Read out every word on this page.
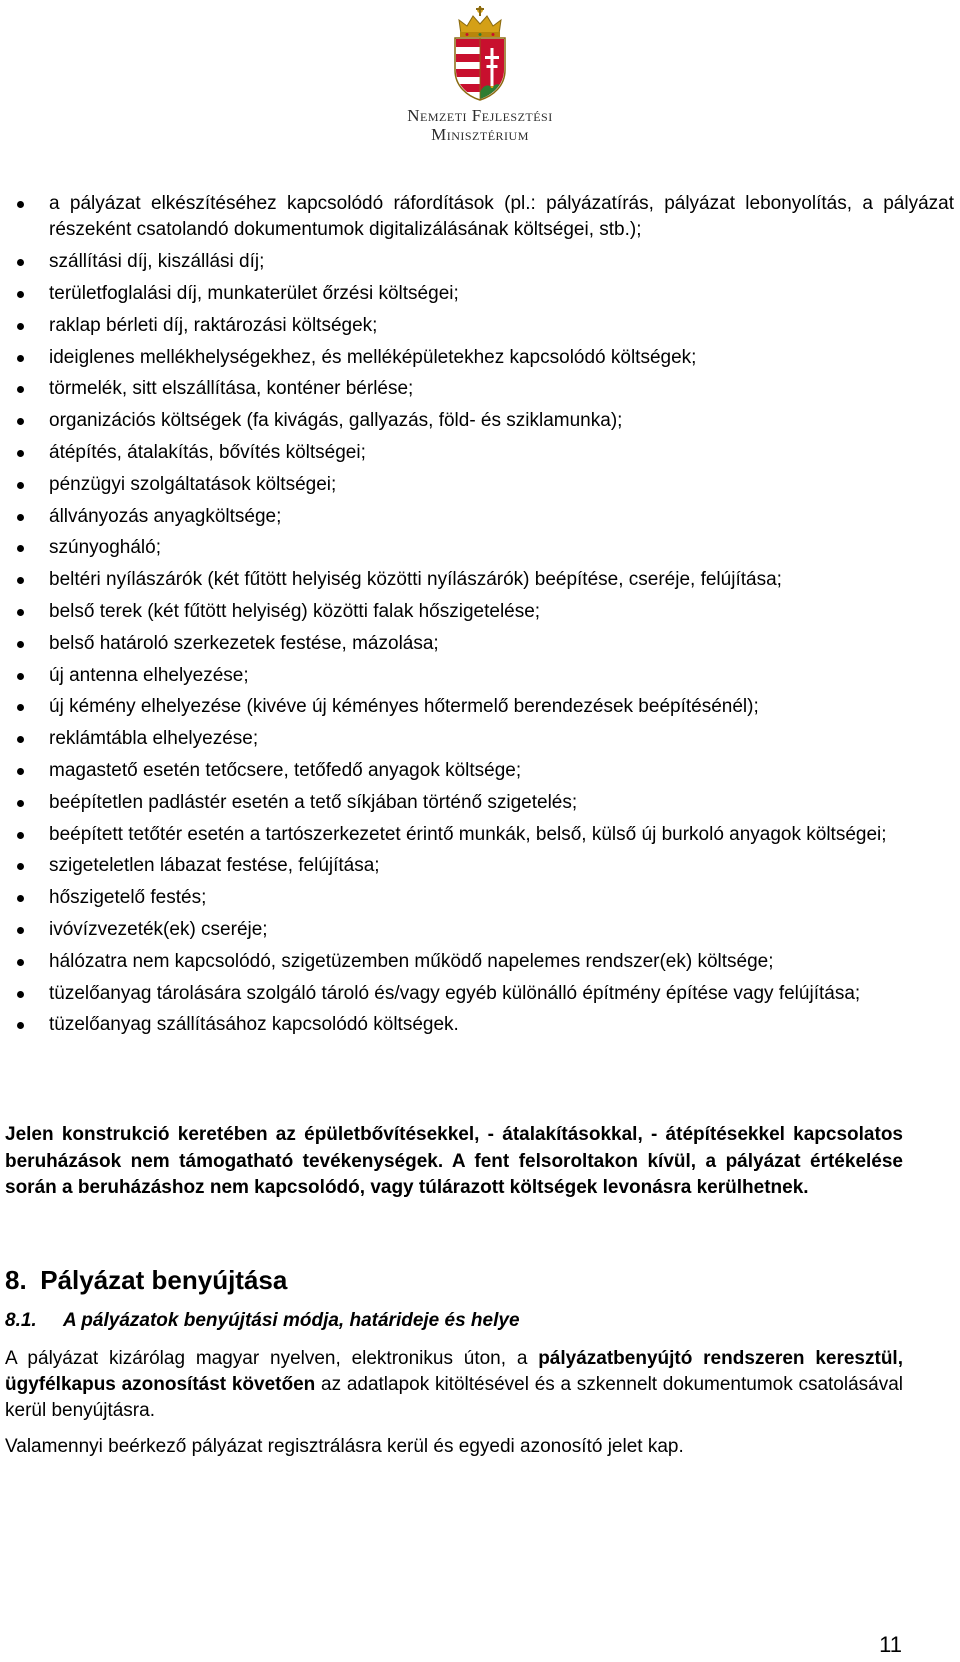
Nemzeti Fejlesztési
Minisztérium
a pályázat elkészítéséhez kapcsolódó ráfordítások (pl.: pályázatírás, pályázat lebonyolítás, a pályázat részeként csatolandó dokumentumok digitalizálásának költségei, stb.);
szállítási díj, kiszállási díj;
területfoglalási díj, munkaterület őrzési költségei;
raklap bérleti díj, raktározási költségek;
ideiglenes mellékhelységekhez, és melléképületekhez kapcsolódó költségek;
törmelék, sitt elszállítása, konténer bérlése;
organizációs költségek (fa kivágás, gallyazás, föld- és sziklamunka);
átépítés, átalakítás, bővítés költségei;
pénzügyi szolgáltatások költségei;
állványozás anyagköltsége;
szúnyogháló;
beltéri nyílászárók (két fűtött helyiség közötti nyílászárók) beépítése, cseréje, felújítása;
belső terek (két fűtött helyiség) közötti falak hőszigetelése;
belső határoló szerkezetek festése, mázolása;
új antenna elhelyezése;
új kémény elhelyezése (kivéve új kéményes hőtermelő berendezések beépítésénél);
reklámtábla elhelyezése;
magastető esetén tetőcsere, tetőfedő anyagok költsége;
beépítetlen padlástér esetén a tető síkjában történő szigetelés;
beépített tetőtér esetén a tartószerkezetet érintő munkák, belső, külső új burkoló anyagok költségei;
szigeteletlen lábazat festése, felújítása;
hőszigetelő festés;
ivóvízvezeték(ek) cseréje;
hálózatra nem kapcsolódó, szigetüzemben működő napelemes rendszer(ek) költsége;
tüzelőanyag tárolására szolgáló tároló és/vagy egyéb különálló építmény építése vagy felújítása;
tüzelőanyag szállításához kapcsolódó költségek.

Jelen konstrukció keretében az épületbővítésekkel, - átalakításokkal, - átépítésekkel kapcsolatos beruházások nem támogatható tevékenységek. A fent felsoroltakon kívül, a pályázat értékelése során a beruházáshoz nem kapcsolódó, vagy túlárazott költségek levonásra kerülhetnek.

8. Pályázat benyújtása
8.1. A pályázatok benyújtási módja, határideje és helye

A pályázat kizárólag magyar nyelven, elektronikus úton, a pályázatbenyújtó rendszeren keresztül, ügyfélkapus azonosítást követően az adatlapok kitöltésével és a szkennelt dokumentumok csatolásával kerül benyújtásra.

Valamennyi beérkező pályázat regisztrálásra kerül és egyedi azonosító jelet kap.

11
